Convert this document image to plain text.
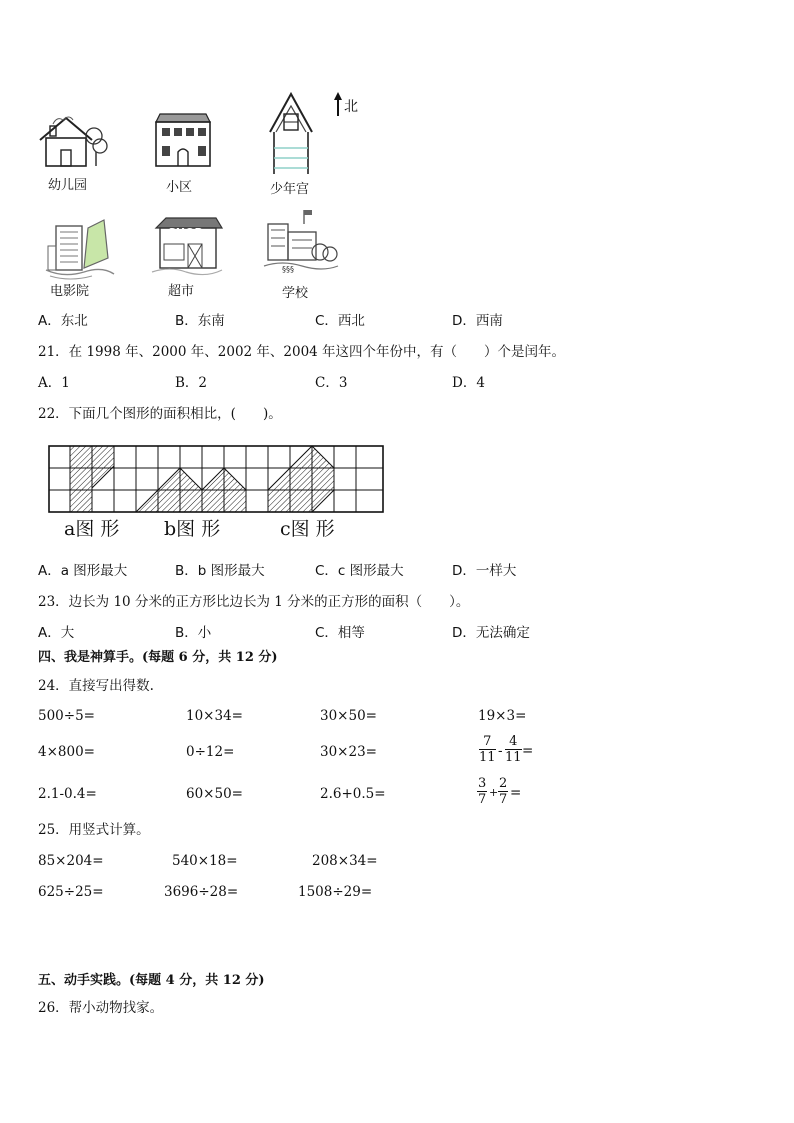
北
幼儿园	小区	少年宫
电影院
SHOP
超市
§§§
学校
A．东北	B．东南	C．西北	D．西南
21．在 1998 年、2000 年、2002 年、2004 年这四个年份中，有（　　）个是闰年。
A．1	B．2	C．3	D．4
22．下面几个图形的面积相比，(　　)。
a图 形 b图 形	c图 形
A．a 图形最大	B．b 图形最大	C．c 图形最大	D．一样大
23．边长为 10 分米的正方形比边长为 1 分米的正方形的面积（　　）。
A．大	B．小	C．相等	D．无法确定
四、我是神算手。(每题 6 分，共 12 分)
24．直接写出得数.
500÷5=	10×34=	30×50=	19×3=
4×800=	0÷12=	30×23=	$\frac{7}{11} - \frac{4}{11}$ =
2.1-0.4=	60×50=	2.6+0.5=	$\frac{3}{7} + \frac{2}{7}$ =
25．用竖式计算。
85×204=	540×18=	208×34=
625÷25=	3696÷28=	1508÷29=
五、动手实践。(每题 4 分，共 12 分)
26．帮小动物找家。
